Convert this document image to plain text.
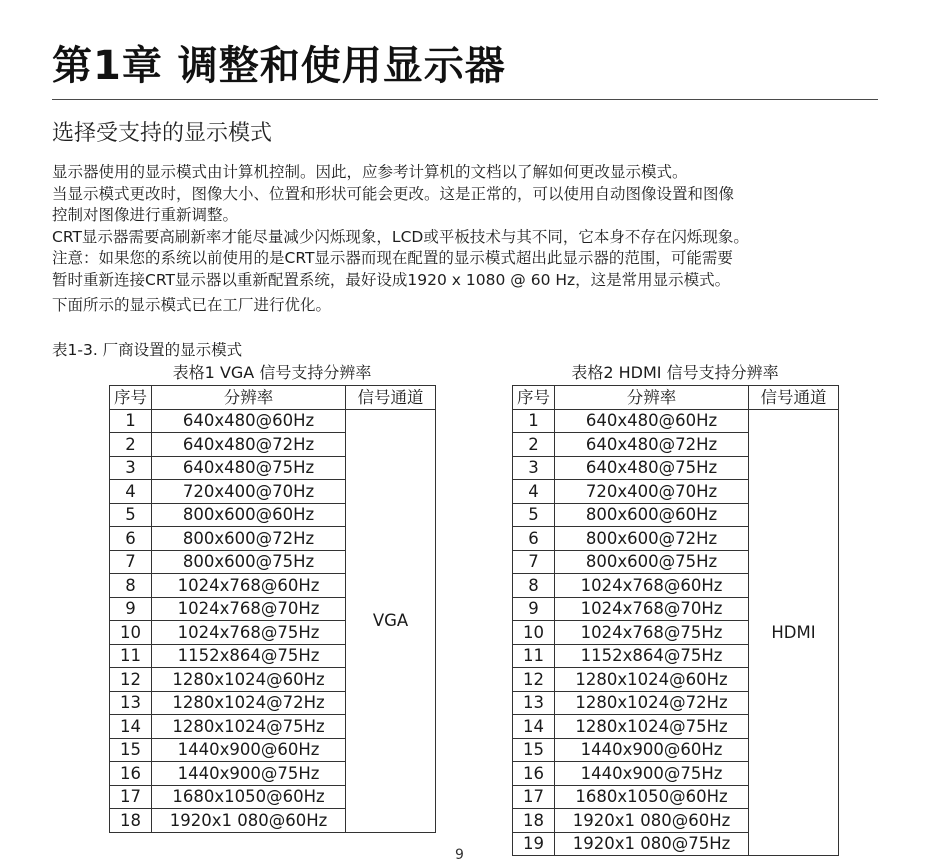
第1章 调整和使用显示器
选择受支持的显示模式

显示器使用的显示模式由计算机控制。因此，应参考计算机的文档以了解如何更改显示模式。

当显示模式更改时，图像大小、位置和形状可能会更改。这是正常的，可以使用自动图像设置和图像

控制对图像进行重新调整。

CRT显示器需要高刷新率才能尽量减少闪烁现象，LCD或平板技术与其不同，它本身不存在闪烁现象。

注意：如果您的系统以前使用的是CRT显示器而现在配置的显示模式超出此显示器的范围，可能需要

暂时重新连接CRT显示器以重新配置系统，最好设成1920 x 1080 @ 60 Hz，这是常用显示模式。

下面所示的显示模式已在工厂进行优化。

表1-3. 厂商设置的显示模式
表格1 VGA 信号支持分辨率
序号	分辨率	信号通道
1	640x480@60Hz	VGA
2	640x480@72Hz	
3	640x480@75Hz	
4	720x400@70Hz	
5	800x600@60Hz	
6	800x600@72Hz	
7	800x600@75Hz	
8	1024x768@60Hz	
9	1024x768@70Hz	
10	1024x768@75Hz	
11	1152x864@75Hz	
12	1280x1024@60Hz	
13	1280x1024@72Hz	
14	1280x1024@75Hz	
15	1440x900@60Hz	
16	1440x900@75Hz	
17	1680x1050@60Hz	
18	1920x1 080@60Hz	
表格2 HDMI 信号支持分辨率
序号	分辨率	信号通道
1	640x480@60Hz	HDMI
2	640x480@72Hz	
3	640x480@75Hz	
4	720x400@70Hz	
5	800x600@60Hz	
6	800x600@72Hz	
7	800x600@75Hz	
8	1024x768@60Hz	
9	1024x768@70Hz	
10	1024x768@75Hz	
11	1152x864@75Hz	
12	1280x1024@60Hz	
13	1280x1024@72Hz	
14	1280x1024@75Hz	
15	1440x900@60Hz	
16	1440x900@75Hz	
17	1680x1050@60Hz	
18	1920x1 080@60Hz	
19	1920x1 080@75Hz	
9
